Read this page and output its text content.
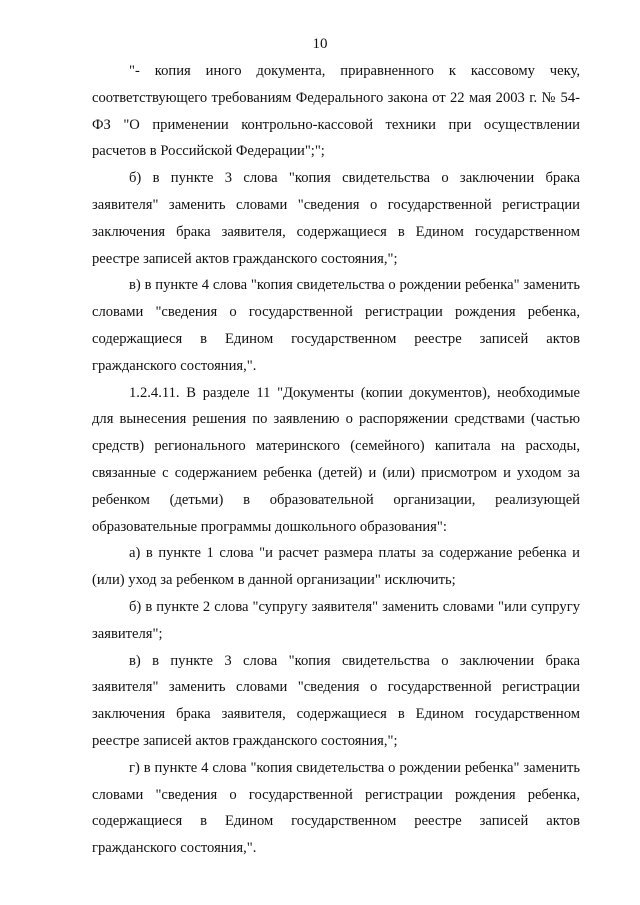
10

"- копия иного документа, приравненного к кассовому чеку, соответствующего требованиям Федерального закона от 22 мая 2003 г. № 54-ФЗ "О применении контрольно-кассовой техники при осуществлении расчетов в Российской Федерации";";

б) в пункте 3 слова "копия свидетельства о заключении брака заявителя" заменить словами "сведения о государственной регистрации заключения брака заявителя, содержащиеся в Едином государственном реестре записей актов гражданского состояния,";

в) в пункте 4 слова "копия свидетельства о рождении ребенка" заменить словами "сведения о государственной регистрации рождения ребенка, содержащиеся в Едином государственном реестре записей актов гражданского состояния,".

1.2.4.11. В разделе 11 "Документы (копии документов), необходимые для вынесения решения по заявлению о распоряжении средствами (частью средств) регионального материнского (семейного) капитала на расходы, связанные с содержанием ребенка (детей) и (или) присмотром и уходом за ребенком (детьми) в образовательной организации, реализующей образовательные программы дошкольного образования":

а) в пункте 1 слова "и расчет размера платы за содержание ребенка и (или) уход за ребенком в данной организации" исключить;

б) в пункте 2 слова "супругу заявителя" заменить словами "или супругу заявителя";

в) в пункте 3 слова "копия свидетельства о заключении брака заявителя" заменить словами "сведения о государственной регистрации заключения брака заявителя, содержащиеся в Едином государственном реестре записей актов гражданского состояния,";

г) в пункте 4 слова "копия свидетельства о рождении ребенка" заменить словами "сведения о государственной регистрации рождения ребенка, содержащиеся в Едином государственном реестре записей актов гражданского состояния,".
